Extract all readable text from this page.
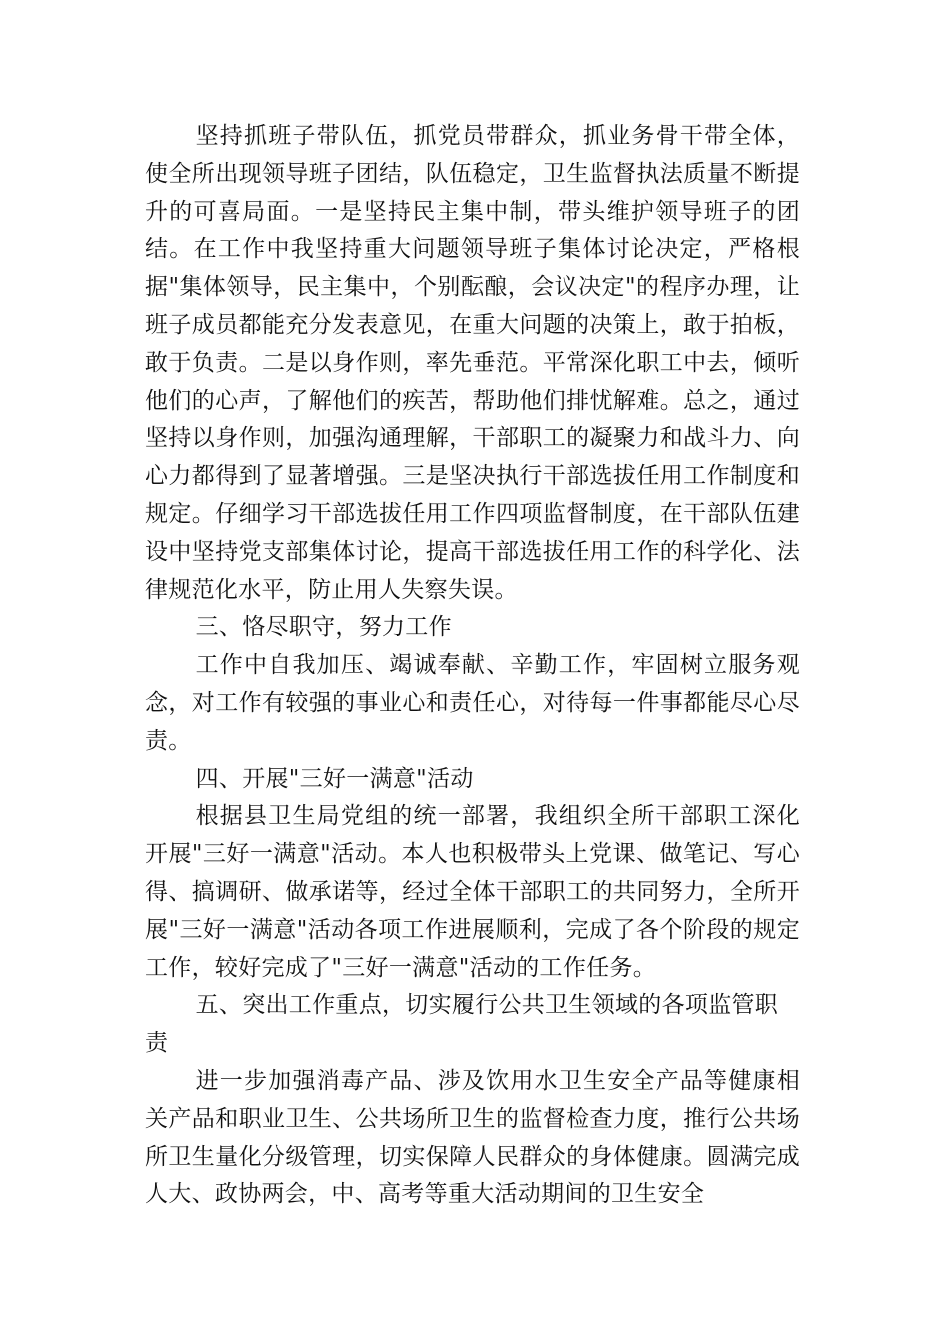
坚持抓班子带队伍，抓党员带群众，抓业务骨干带全体，使全所出现领导班子团结，队伍稳定，卫生监督执法质量不断提升的可喜局面。一是坚持民主集中制，带头维护领导班子的团结。在工作中我坚持重大问题领导班子集体讨论决定，严格根据"集体领导，民主集中，个别酝酿，会议决定"的程序办理，让班子成员都能充分发表意见，在重大问题的决策上，敢于拍板，敢于负责。二是以身作则，率先垂范。平常深化职工中去，倾听他们的心声，了解他们的疾苦，帮助他们排忧解难。总之，通过坚持以身作则，加强沟通理解，干部职工的凝聚力和战斗力、向心力都得到了显著增强。三是坚决执行干部选拔任用工作制度和规定。仔细学习干部选拔任用工作四项监督制度，在干部队伍建设中坚持党支部集体讨论，提高干部选拔任用工作的科学化、法律规范化水平，防止用人失察失误。

三、恪尽职守，努力工作

工作中自我加压、竭诚奉献、辛勤工作，牢固树立服务观念，对工作有较强的事业心和责任心，对待每一件事都能尽心尽责。

四、开展"三好一满意"活动

根据县卫生局党组的统一部署，我组织全所干部职工深化开展"三好一满意"活动。本人也积极带头上党课、做笔记、写心得、搞调研、做承诺等，经过全体干部职工的共同努力，全所开展"三好一满意"活动各项工作进展顺利，完成了各个阶段的规定工作，较好完成了"三好一满意"活动的工作任务。

五、突出工作重点，切实履行公共卫生领域的各项监管职责

进一步加强消毒产品、涉及饮用水卫生安全产品等健康相关产品和职业卫生、公共场所卫生的监督检查力度，推行公共场所卫生量化分级管理，切实保障人民群众的身体健康。圆满完成人大、政协两会，中、高考等重大活动期间的卫生安全
